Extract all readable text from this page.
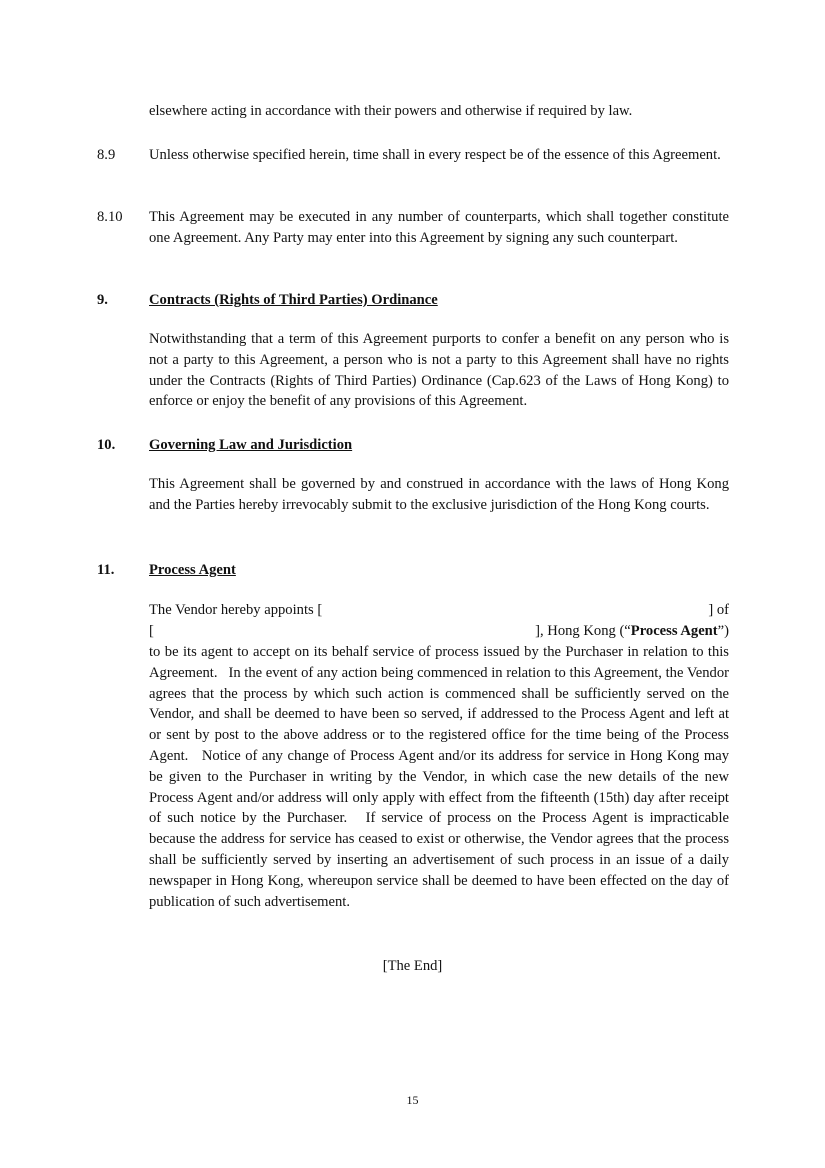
elsewhere acting in accordance with their powers and otherwise if required by law.
8.9 Unless otherwise specified herein, time shall in every respect be of the essence of this Agreement.
8.10 This Agreement may be executed in any number of counterparts, which shall together constitute one Agreement. Any Party may enter into this Agreement by signing any such counterpart.
9.	Contracts (Rights of Third Parties) Ordinance
Notwithstanding that a term of this Agreement purports to confer a benefit on any person who is not a party to this Agreement, a person who is not a party to this Agreement shall have no rights under the Contracts (Rights of Third Parties) Ordinance (Cap.623 of the Laws of Hong Kong) to enforce or enjoy the benefit of any provisions of this Agreement.
10. Governing Law and Jurisdiction
This Agreement shall be governed by and construed in accordance with the laws of Hong Kong and the Parties hereby irrevocably submit to the exclusive jurisdiction of the Hong Kong courts.
11. Process Agent
The Vendor hereby appoints [	] of
[	], Hong Kong (“Process Agent”)
to be its agent to accept on its behalf service of process issued by the Purchaser in relation to this Agreement.   In the event of any action being commenced in relation to this Agreement, the Vendor agrees that the process by which such action is commenced shall be sufficiently served on the Vendor, and shall be deemed to have been so served, if addressed to the Process Agent and left at or sent by post to the above address or to the registered office for the time being of the Process Agent.   Notice of any change of Process Agent and/or its address for service in Hong Kong may be given to the Purchaser in writing by the Vendor, in which case the new details of the new Process Agent and/or address will only apply with effect from the fifteenth (15th) day after receipt of such notice by the Purchaser.   If service of process on the Process Agent is impracticable because the address for service has ceased to exist or otherwise, the Vendor agrees that the process shall be sufficiently served by inserting an advertisement of such process in an issue of a daily newspaper in Hong Kong, whereupon service shall be deemed to have been effected on the day of publication of such advertisement.
[The End]
15
